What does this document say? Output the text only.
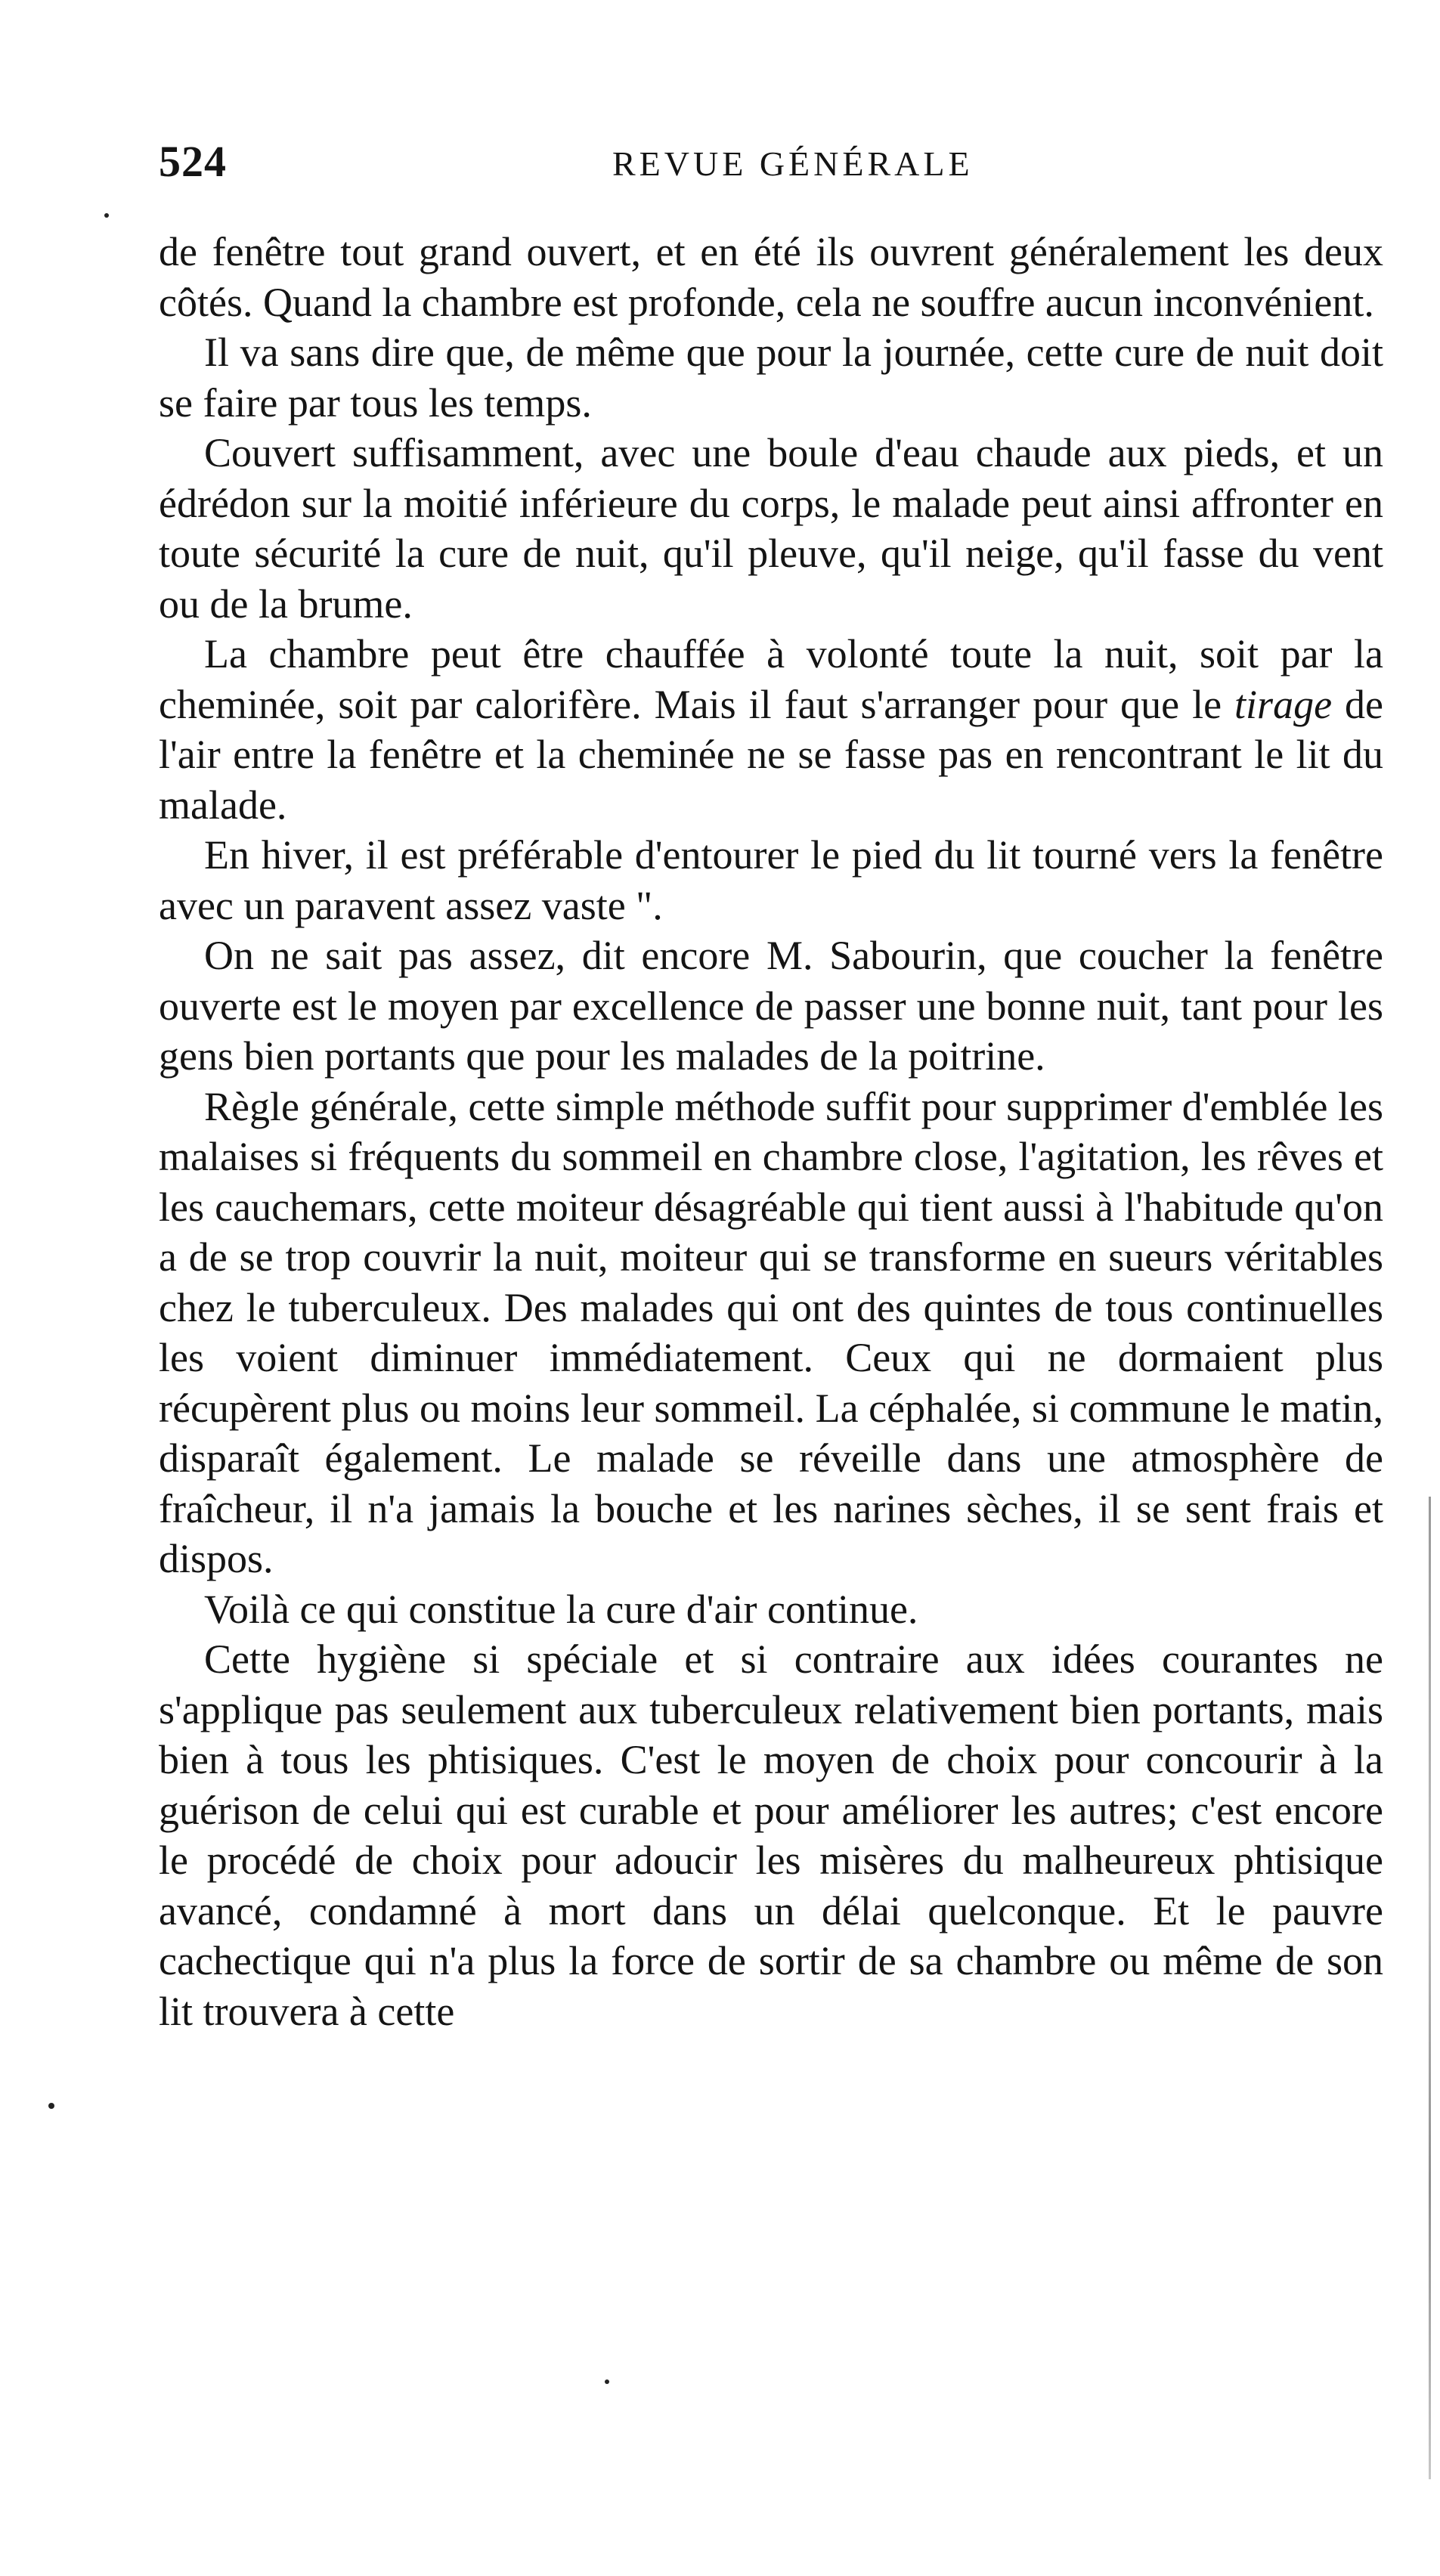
524	REVUE GÉNÉRALE

de fenêtre tout grand ouvert, et en été ils ouvrent généralement les deux côtés. Quand la chambre est profonde, cela ne souffre aucun inconvénient.

Il va sans dire que, de même que pour la journée, cette cure de nuit doit se faire par tous les temps.

Couvert suffisamment, avec une boule d'eau chaude aux pieds, et un édrédon sur la moitié inférieure du corps, le malade peut ainsi affronter en toute sécurité la cure de nuit, qu'il pleuve, qu'il neige, qu'il fasse du vent ou de la brume.

La chambre peut être chauffée à volonté toute la nuit, soit par la cheminée, soit par calorifère. Mais il faut s'arranger pour que le tirage de l'air entre la fenêtre et la cheminée ne se fasse pas en rencontrant le lit du malade.

En hiver, il est préférable d'entourer le pied du lit tourné vers la fenêtre avec un paravent assez vaste ".

On ne sait pas assez, dit encore M. Sabourin, que coucher la fenêtre ouverte est le moyen par excellence de passer une bonne nuit, tant pour les gens bien portants que pour les malades de la poitrine.

Règle générale, cette simple méthode suffit pour supprimer d'emblée les malaises si fréquents du sommeil en chambre close, l'agitation, les rêves et les cauchemars, cette moiteur désagréable qui tient aussi à l'habitude qu'on a de se trop couvrir la nuit, moiteur qui se transforme en sueurs véritables chez le tuberculeux. Des malades qui ont des quintes de tous continuelles les voient diminuer immédiatement. Ceux qui ne dormaient plus récupèrent plus ou moins leur sommeil. La céphalée, si commune le matin, disparaît également. Le malade se réveille dans une atmosphère de fraîcheur, il n'a jamais la bouche et les narines sèches, il se sent frais et dispos.

Voilà ce qui constitue la cure d'air continue.

Cette hygiène si spéciale et si contraire aux idées courantes ne s'applique pas seulement aux tuberculeux relativement bien portants, mais bien à tous les phtisiques. C'est le moyen de choix pour concourir à la guérison de celui qui est curable et pour améliorer les autres; c'est encore le procédé de choix pour adoucir les misères du malheureux phtisique avancé, condamné à mort dans un délai quelconque. Et le pauvre cachectique qui n'a plus la force de sortir de sa chambre ou même de son lit trouvera à cette
